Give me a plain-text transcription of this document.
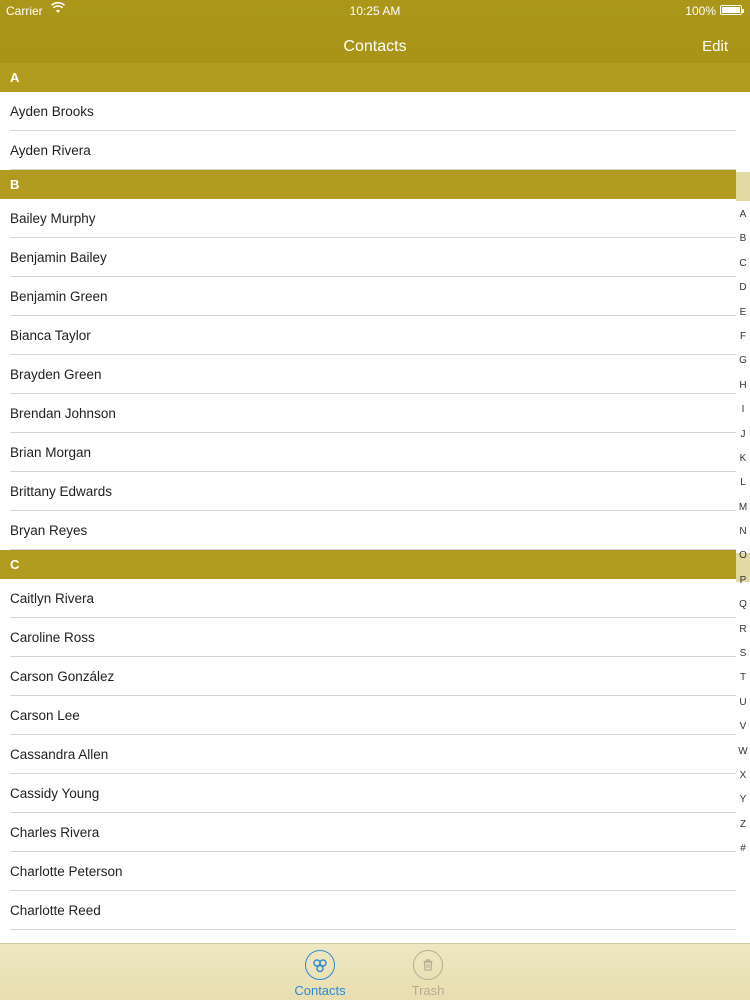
Carrier	10:25 AM	100%
Contacts	Edit
A
Ayden Brooks
Ayden Rivera
B
Bailey Murphy
Benjamin Bailey
Benjamin Green
Bianca Taylor
Brayden Green
Brendan Johnson
Brian Morgan
Brittany Edwards
Bryan Reyes
C
Caitlyn Rivera
Caroline Ross
Carson González
Carson Lee
Cassandra Allen
Cassidy Young
Charles Rivera
Charlotte Peterson
Charlotte Reed
A
B
C
D
E
F
G
H
I
J
K
L
M
N
O
P
Q
R
S
T
U
V
W
X
Y
Z
#
Contacts	Trash
